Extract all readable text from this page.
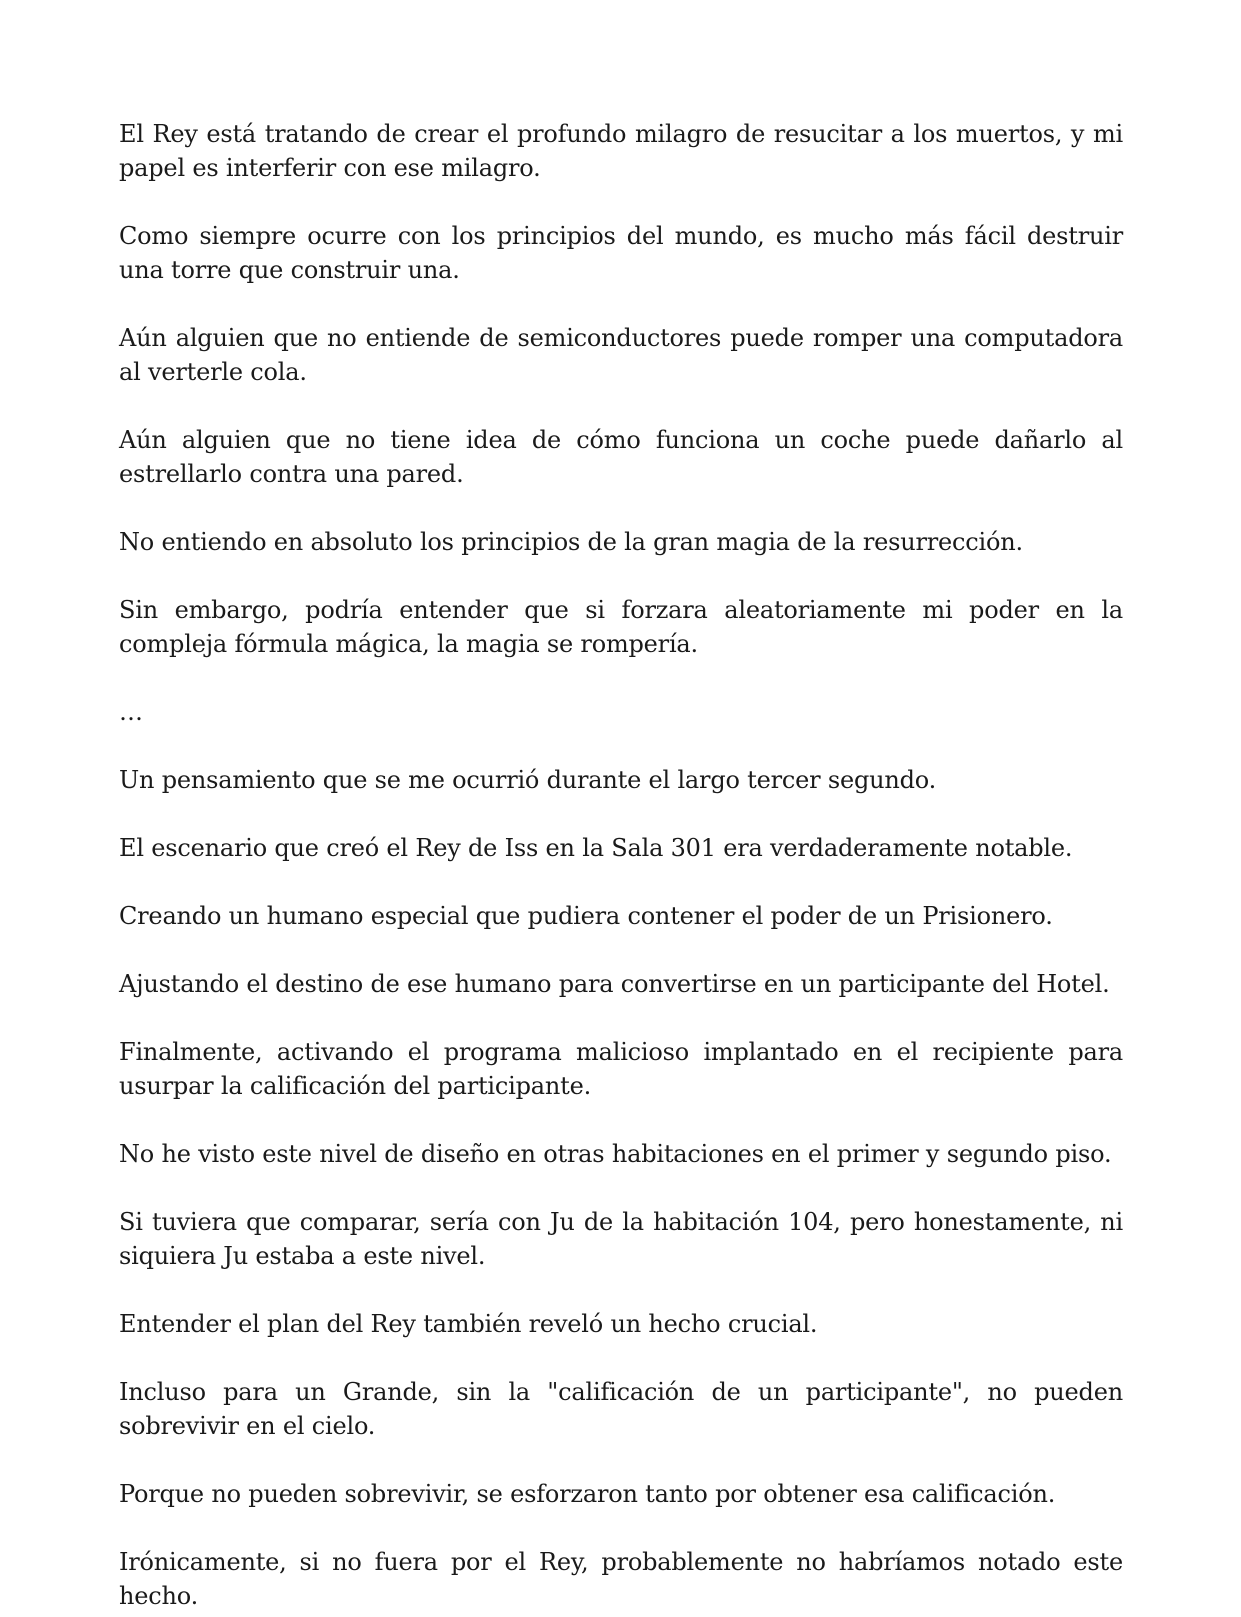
El Rey está tratando de crear el profundo milagro de resucitar a los muertos, y mi papel es interferir con ese milagro.

Como siempre ocurre con los principios del mundo, es mucho más fácil destruir una torre que construir una.

Aún alguien que no entiende de semiconductores puede romper una computadora al verterle cola.

Aún alguien que no tiene idea de cómo funciona un coche puede dañarlo al estrellarlo contra una pared.

No entiendo en absoluto los principios de la gran magia de la resurrección.

Sin embargo, podría entender que si forzara aleatoriamente mi poder en la compleja fórmula mágica, la magia se rompería.

…

Un pensamiento que se me ocurrió durante el largo tercer segundo.

El escenario que creó el Rey de Iss en la Sala 301 era verdaderamente notable.

Creando un humano especial que pudiera contener el poder de un Prisionero.

Ajustando el destino de ese humano para convertirse en un participante del Hotel.

Finalmente, activando el programa malicioso implantado en el recipiente para usurpar la calificación del participante.

No he visto este nivel de diseño en otras habitaciones en el primer y segundo piso.

Si tuviera que comparar, sería con Ju de la habitación 104, pero honestamente, ni siquiera Ju estaba a este nivel.

Entender el plan del Rey también reveló un hecho crucial.

Incluso para un Grande, sin la "calificación de un participante", no pueden sobrevivir en el cielo.

Porque no pueden sobrevivir, se esforzaron tanto por obtener esa calificación.

Irónicamente, si no fuera por el Rey, probablemente no habríamos notado este hecho.
